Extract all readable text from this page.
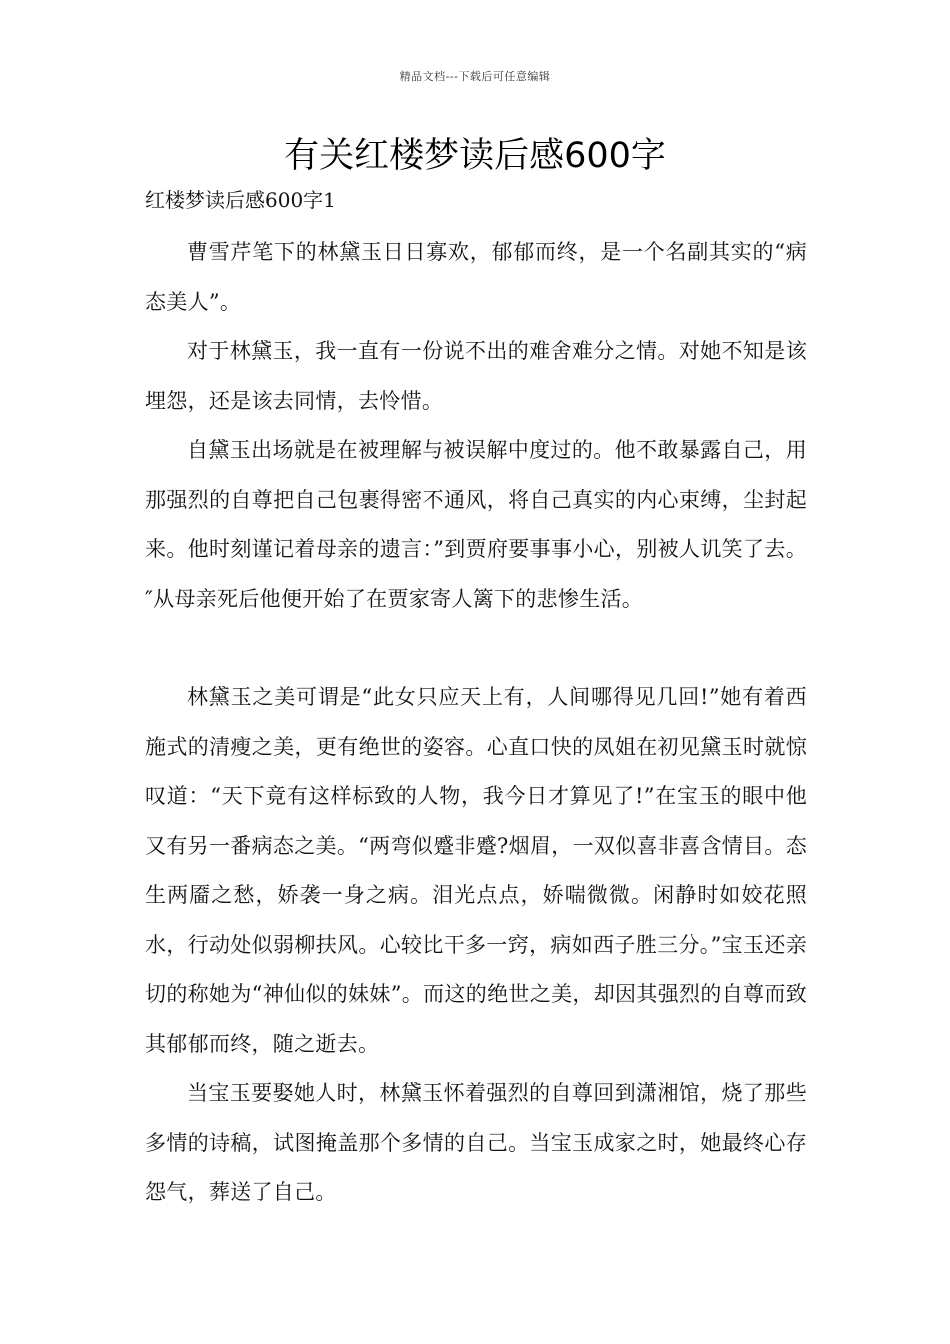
精品文档---下载后可任意编辑
有关红楼梦读后感600字

红楼梦读后感600字1

曹雪芹笔下的林黛玉日日寡欢，郁郁而终，是一个名副其实的“病态美人”。

对于林黛玉，我一直有一份说不出的难舍难分之情。对她不知是该埋怨，还是该去同情，去怜惜。

自黛玉出场就是在被理解与被误解中度过的。他不敢暴露自己，用那强烈的自尊把自己包裹得密不通风，将自己真实的内心束缚，尘封起来。他时刻谨记着母亲的遗言：”到贾府要事事小心，别被人讥笑了去。″从母亲死后他便开始了在贾家寄人篱下的悲惨生活。

林黛玉之美可谓是“此女只应天上有，人间哪得见几回!”她有着西施式的清瘦之美，更有绝世的姿容。心直口快的凤姐在初见黛玉时就惊叹道：“天下竟有这样标致的人物，我今日才算见了!”在宝玉的眼中他又有另一番病态之美。“两弯似蹙非蹙?烟眉，一双似喜非喜含情目。态生两靥之愁，娇袭一身之病。泪光点点，娇喘微微。闲静时如姣花照水，行动处似弱柳扶风。心较比干多一窍，病如西子胜三分。”宝玉还亲切的称她为“神仙似的妹妹”。而这的绝世之美，却因其强烈的自尊而致其郁郁而终，随之逝去。

当宝玉要娶她人时，林黛玉怀着强烈的自尊回到潇湘馆，烧了那些多情的诗稿，试图掩盖那个多情的自己。当宝玉成家之时，她最终心存怨气，葬送了自己。
